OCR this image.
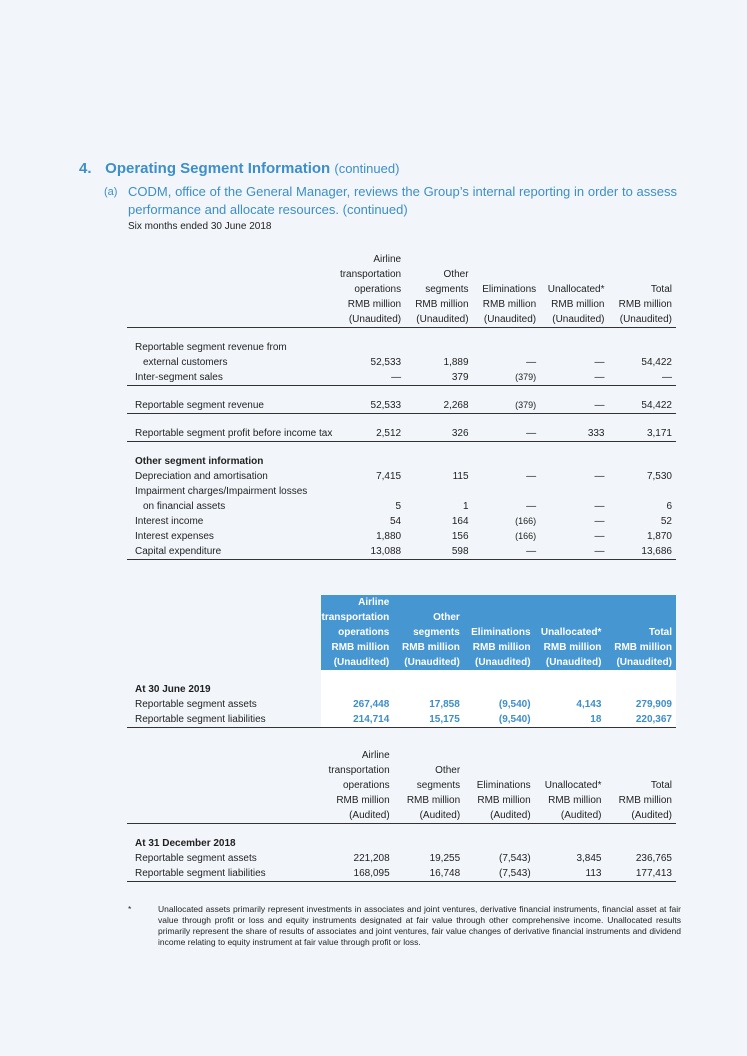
4. Operating Segment Information (continued)
(a) CODM, office of the General Manager, reviews the Group’s internal reporting in order to assess performance and allocate resources. (continued)
Six months ended 30 June 2018
	Airline				
	transportation	Other			
	operations	segments	Eliminations	Unallocated*	Total
	RMB million	RMB million	RMB million	RMB million	RMB million
	(Unaudited)	(Unaudited)	(Unaudited)	(Unaudited)	(Unaudited)

Reportable segment revenue from					
external customers	52,533	1,889	—	—	54,422
Inter-segment sales	—	379	(379)	—	—

Reportable segment revenue	52,533	2,268	(379)	—	54,422

Reportable segment profit before income tax	2,512	326	—	333	3,171

Other segment information					
Depreciation and amortisation	7,415	115	—	—	7,530
Impairment charges/Impairment losses					
on financial assets	5	1	—	—	6
Interest income	54	164	(166)	—	52
Interest expenses	1,880	156	(166)	—	1,870
Capital expenditure	13,088	598	—	—	13,686
	Airline				
	transportation	Other			
	operations	segments	Eliminations	Unallocated*	Total
	RMB million	RMB million	RMB million	RMB million	RMB million
	(Unaudited)	(Unaudited)	(Unaudited)	(Unaudited)	(Unaudited)

At 30 June 2019					
Reportable segment assets	267,448	17,858	(9,540)	4,143	279,909
Reportable segment liabilities	214,714	15,175	(9,540)	18	220,367
	Airline				
	transportation	Other			
	operations	segments	Eliminations	Unallocated*	Total
	RMB million	RMB million	RMB million	RMB million	RMB million
	(Audited)	(Audited)	(Audited)	(Audited)	(Audited)

At 31 December 2018					
Reportable segment assets	221,208	19,255	(7,543)	3,845	236,765
Reportable segment liabilities	168,095	16,748	(7,543)	113	177,413
*	Unallocated assets primarily represent investments in associates and joint ventures, derivative financial instruments, financial asset at fair value through profit or loss and equity instruments designated at fair value through other comprehensive income. Unallocated results primarily represent the share of results of associates and joint ventures, fair value changes of derivative financial instruments and dividend income relating to equity instrument at fair value through profit or loss.
